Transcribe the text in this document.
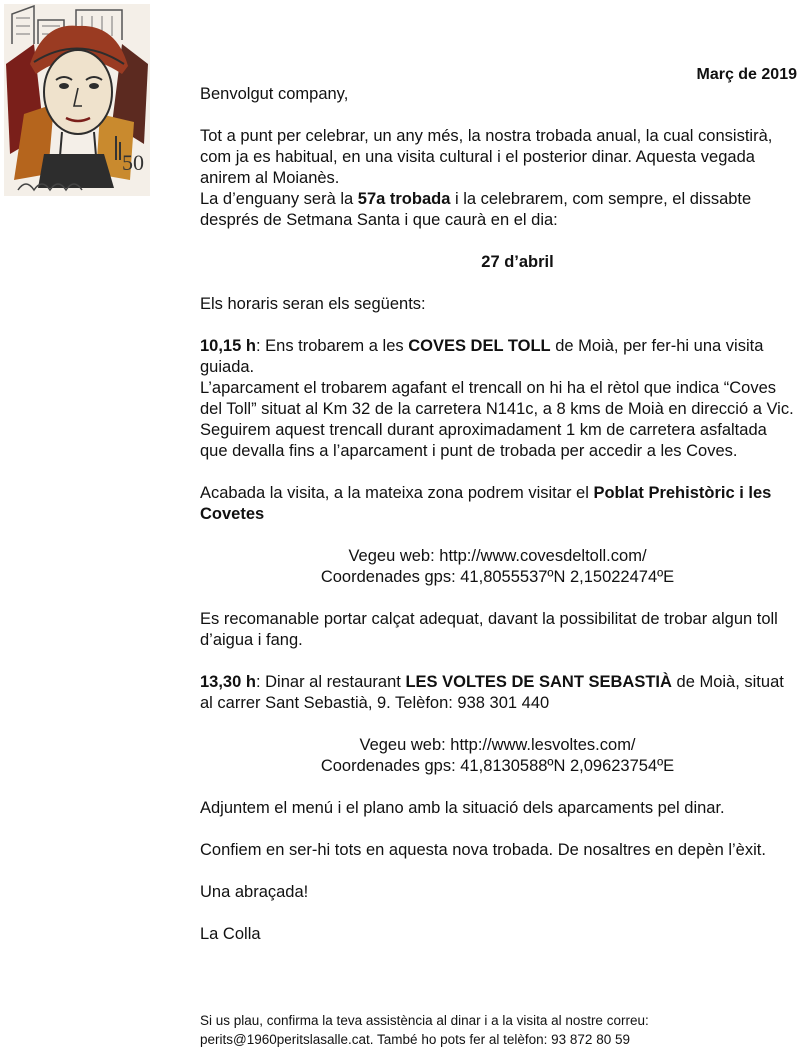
50
Març de 2019

Benvolgut company,

Tot a punt per celebrar, un any més, la nostra trobada anual, la cual consistirà, com ja es habitual, en una visita cultural i el posterior dinar. Aquesta vegada anirem al Moianès.

La d’enguany serà la 57a trobada i la celebrarem, com sempre, el dissabte després de Setmana Santa i que caurà en el dia:

27 d’abril

Els horaris seran els següents:

10,15 h: Ens trobarem a les COVES DEL TOLL de Moià, per fer-hi una visita guiada.

L’aparcament el trobarem agafant el trencall on hi ha el rètol que indica “Coves del Toll” situat al Km 32 de la carretera N141c, a 8 kms de Moià en direcció a Vic. Seguirem aquest trencall durant aproximadament 1 km de carretera asfaltada que devalla fins a l’aparcament i punt de trobada per accedir a les Coves.

Acabada la visita, a la mateixa zona podrem visitar el Poblat Prehistòric i les Covetes

Vegeu web: http://www.covesdeltoll.com/

Coordenades gps: 41,8055537ºN 2,15022474ºE

Es recomanable portar calçat adequat, davant la possibilitat de trobar algun toll d’aigua i fang.

13,30 h: Dinar al restaurant LES VOLTES DE SANT SEBASTIÀ de Moià, situat al carrer Sant Sebastià, 9. Telèfon: 938 301 440

Vegeu web: http://www.lesvoltes.com/

Coordenades gps: 41,8130588ºN 2,09623754ºE

Adjuntem el menú i el plano amb la situació dels aparcaments pel dinar.

Confiem en ser-hi tots en aquesta nova trobada. De nosaltres en depèn l’èxit.

Una abraçada!

La Colla

Si us plau, confirma la teva assistència al dinar i a la visita al nostre correu:

perits@1960peritslasalle.cat. També ho pots fer al telèfon: 93 872 80 59
